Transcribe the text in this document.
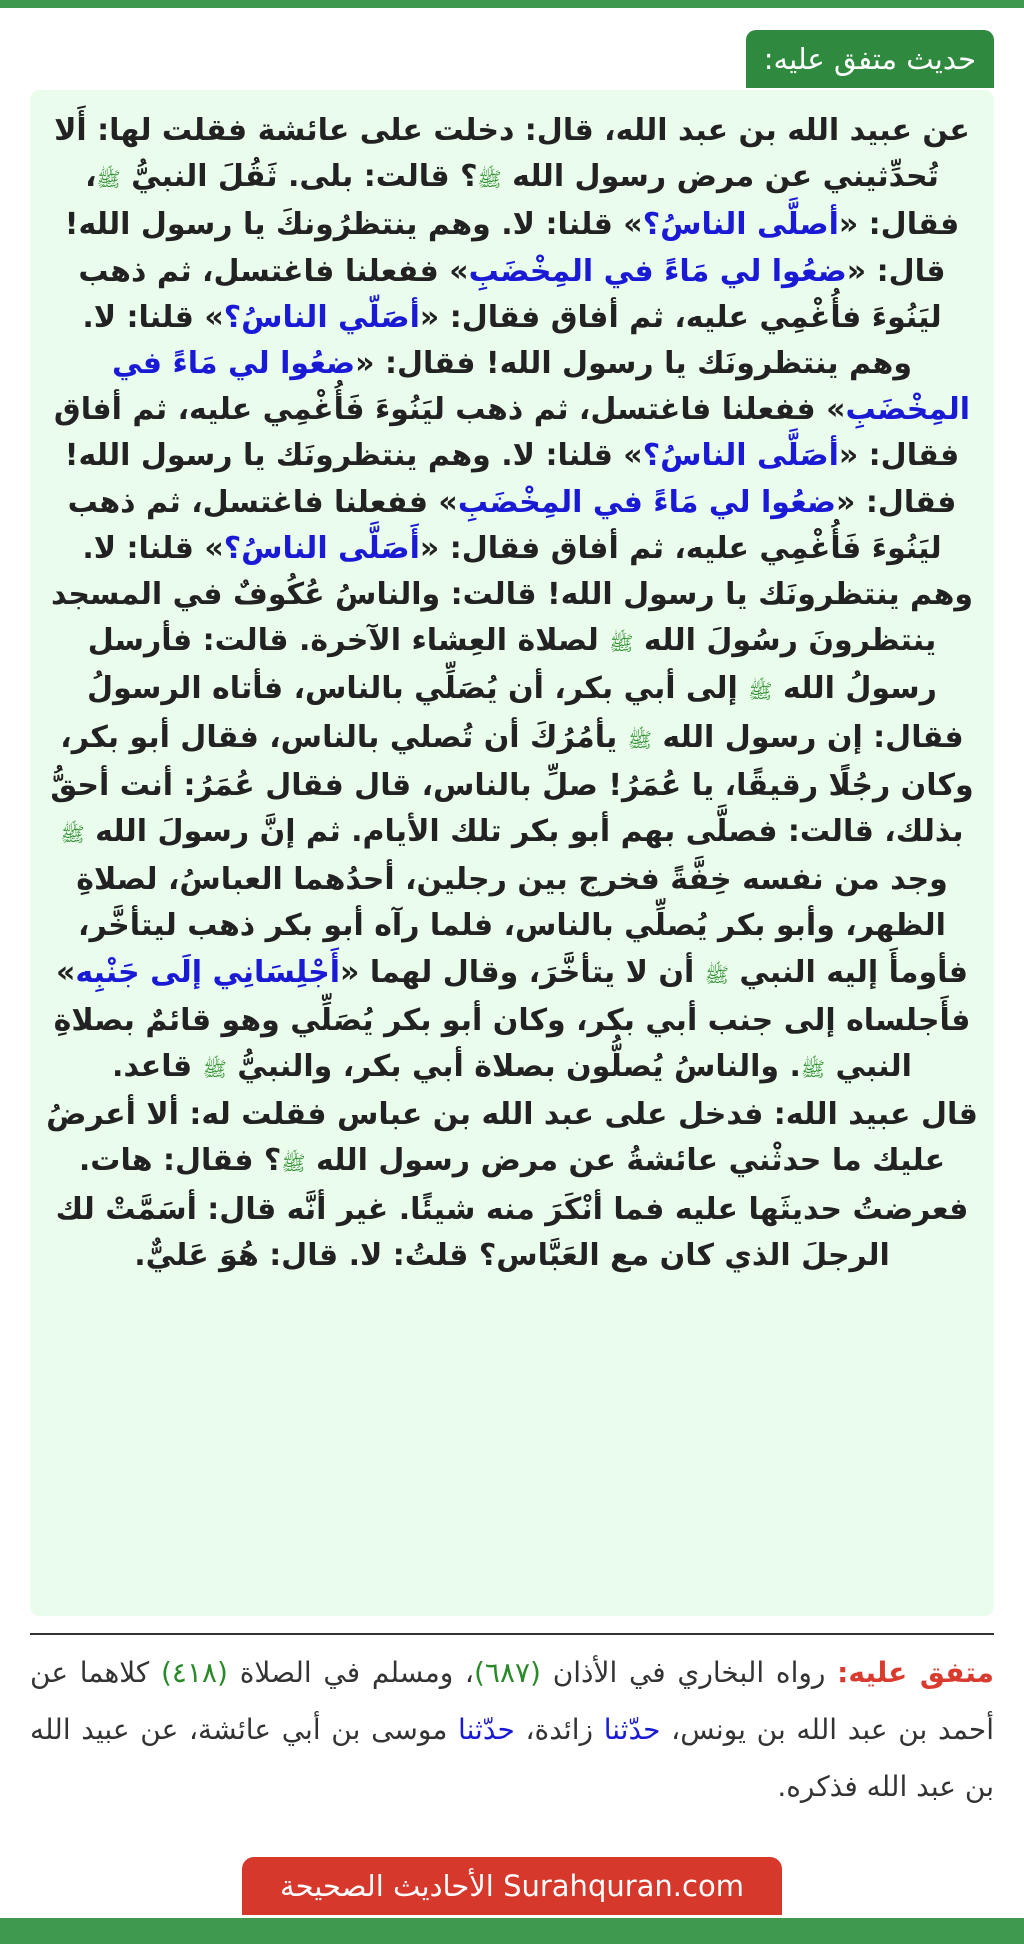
حديث متفق عليه:

عن عبيد الله بن عبد الله، قال: دخلت على عائشة فقلت لها: أَلا تُحدِّثيني عن مرض رسول الله ﷺ؟ قالت: بلى. ثَقُلَ النبيُّ ﷺ، فقال: «أصلَّى الناسُ؟» قلنا: لا. وهم ينتظرُونكَ يا رسول الله! قال: «ضعُوا لي مَاءً في المِخْضَبِ» ففعلنا فاغتسل، ثم ذهب ليَنُوءَ فأُغْمِي عليه، ثم أفاق فقال: «أصَلّي الناسُ؟» قلنا: لا. وهم ينتظرونَك يا رسول الله! فقال: «ضعُوا لي مَاءً في المِخْضَبِ» ففعلنا فاغتسل، ثم ذهب ليَنُوءَ فَأُغْمِي عليه، ثم أفاق فقال: «أصَلَّى الناسُ؟» قلنا: لا. وهم ينتظرونَك يا رسول الله! فقال: «ضعُوا لي مَاءً في المِخْضَبِ» ففعلنا فاغتسل، ثم ذهب ليَنُوءَ فَأُغْمِي عليه، ثم أفاق فقال: «أَصَلَّى الناسُ؟» قلنا: لا. وهم ينتظرونَك يا رسول الله! قالت: والناسُ عُكُوفٌ في المسجد ينتظرونَ رسُولَ الله ﷺ لصلاة العِشاء الآخرة. قالت: فأرسل رسولُ الله ﷺ إلى أبي بكر، أن يُصَلِّي بالناس، فأتاه الرسولُ فقال: إن رسول الله ﷺ يأمُرُكَ أن تُصلي بالناس، فقال أبو بكر، وكان رجُلًا رقيقًا، يا عُمَرُ! صلِّ بالناس، قال فقال عُمَرُ: أنت أحقُّ بذلك، قالت: فصلَّى بهم أبو بكر تلك الأيام. ثم إنَّ رسولَ الله ﷺ وجد من نفسه خِفَّةً فخرج بين رجلين، أحدُهما العباسُ، لصلاةِ الظهر، وأبو بكر يُصلِّي بالناس، فلما رآه أبو بكر ذهب ليتأخَّر، فأومأَ إليه النبي ﷺ أن لا يتأخَّرَ، وقال لهما «أَجْلِسَانِي إلَى جَنْبِه» فأَجلساه إلى جنب أبي بكر، وكان أبو بكر يُصَلِّي وهو قائمٌ بصلاةِ النبي ﷺ. والناسُ يُصلُّون بصلاة أبي بكر، والنبيُّ ﷺ قاعد.

قال عبيد الله: فدخل على عبد الله بن عباس فقلت له: ألا أعرضُ عليك ما حدثْني عائشةُ عن مرض رسول الله ﷺ؟ فقال: هات. فعرضتُ حديثَها عليه فما أنْكَرَ منه شيئًا. غير أنَّه قال: أسَمَّتْ لك الرجلَ الذي كان مع العَبَّاس؟ قلتُ: لا. قال: هُوَ عَليٌّ.

متفق عليه: رواه البخاري في الأذان (٦٨٧)، ومسلم في الصلاة (٤١٨) كلاهما عن أحمد بن عبد الله بن يونس، حدّثنا زائدة، حدّثنا موسى بن أبي عائشة، عن عبيد الله بن عبد الله فذكره.
Surahquran.com الأحاديث الصحيحة
